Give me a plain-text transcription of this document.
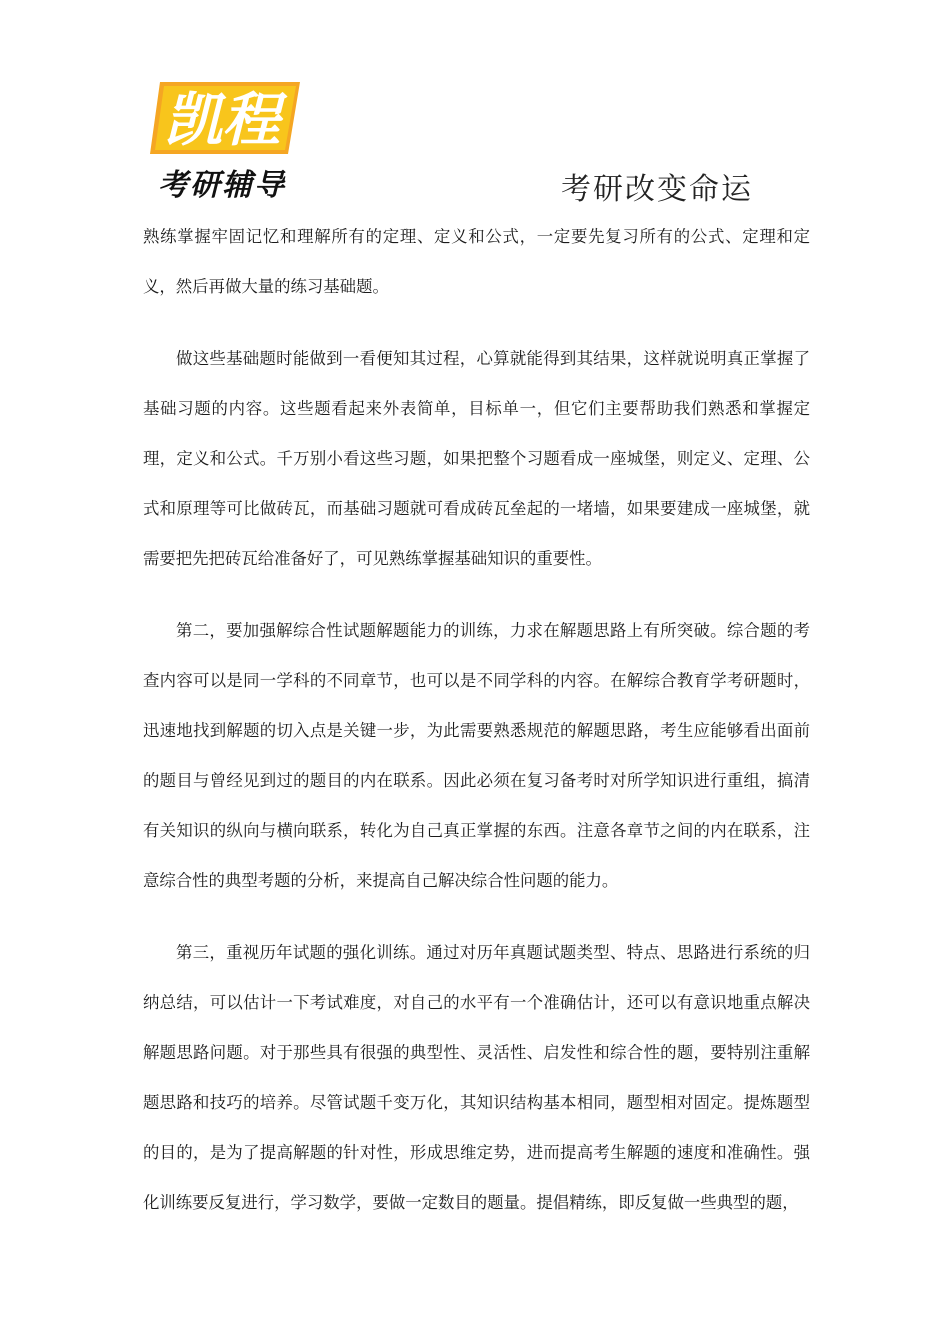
凯程
考研辅导	考研改变命运

熟练掌握牢固记忆和理解所有的定理、定义和公式，一定要先复习所有的公式、定理和定义，然后再做大量的练习基础题。

做这些基础题时能做到一看便知其过程，心算就能得到其结果，这样就说明真正掌握了基础习题的内容。这些题看起来外表简单，目标单一，但它们主要帮助我们熟悉和掌握定理，定义和公式。千万别小看这些习题，如果把整个习题看成一座城堡，则定义、定理、公式和原理等可比做砖瓦，而基础习题就可看成砖瓦垒起的一堵墙，如果要建成一座城堡，就需要把先把砖瓦给准备好了，可见熟练掌握基础知识的重要性。

第二，要加强解综合性试题解题能力的训练，力求在解题思路上有所突破。综合题的考查内容可以是同一学科的不同章节，也可以是不同学科的内容。在解综合教育学考研题时，迅速地找到解题的切入点是关键一步，为此需要熟悉规范的解题思路，考生应能够看出面前的题目与曾经见到过的题目的内在联系。因此必须在复习备考时对所学知识进行重组，搞清有关知识的纵向与横向联系，转化为自己真正掌握的东西。注意各章节之间的内在联系，注意综合性的典型考题的分析，来提高自己解决综合性问题的能力。

第三，重视历年试题的强化训练。通过对历年真题试题类型、特点、思路进行系统的归纳总结，可以估计一下考试难度，对自己的水平有一个准确估计，还可以有意识地重点解决解题思路问题。对于那些具有很强的典型性、灵活性、启发性和综合性的题，要特别注重解题思路和技巧的培养。尽管试题千变万化，其知识结构基本相同，题型相对固定。提炼题型的目的，是为了提高解题的针对性，形成思维定势，进而提高考生解题的速度和准确性。强化训练要反复进行，学习数学，要做一定数目的题量。提倡精练，即反复做一些典型的题，
